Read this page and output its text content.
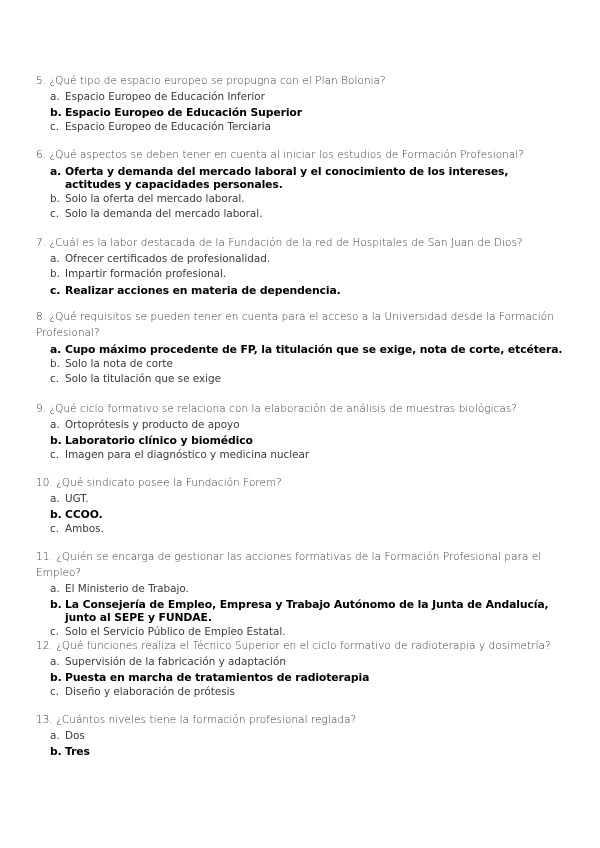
5. ¿Qué tipo de espacio europeo se propugna con el Plan Bolonia?
a. Espacio Europeo de Educación Inferior
b. Espacio Europeo de Educación Superior
c. Espacio Europeo de Educación Terciaria
6. ¿Qué aspectos se deben tener en cuenta al iniciar los estudios de Formación Profesional?
a. Oferta y demanda del mercado laboral y el conocimiento de los intereses, actitudes y capacidades personales.
b. Solo la oferta del mercado laboral.
c. Solo la demanda del mercado laboral.
7. ¿Cuál es la labor destacada de la Fundación de la red de Hospitales de San Juan de Dios?
a. Ofrecer certificados de profesionalidad.
b. Impartir formación profesional.
c. Realizar acciones en materia de dependencia.
8. ¿Qué requisitos se pueden tener en cuenta para el acceso a la Universidad desde la Formación Profesional?
a. Cupo máximo procedente de FP, la titulación que se exige, nota de corte, etcétera.
b. Solo la nota de corte
c. Solo la titulación que se exige
9. ¿Qué ciclo formativo se relaciona con la elaboración de análisis de muestras biológicas?
a. Ortoprótesis y producto de apoyo
b. Laboratorio clínico y biomédico
c. Imagen para el diagnóstico y medicina nuclear
10. ¿Qué sindicato posee la Fundación Forem?
a. UGT.
b. CCOO.
c. Ambos.
11. ¿Quién se encarga de gestionar las acciones formativas de la Formación Profesional para el Empleo?
a. El Ministerio de Trabajo.
b. La Consejería de Empleo, Empresa y Trabajo Autónomo de la Junta de Andalucía, junto al SEPE y FUNDAE.
c. Solo el Servicio Público de Empleo Estatal.
12. ¿Qué funciones realiza el Técnico Superior en el ciclo formativo de radioterapia y dosimetría?
a. Supervisión de la fabricación y adaptación
b. Puesta en marcha de tratamientos de radioterapia
c. Diseño y elaboración de prótesis
13. ¿Cuántos niveles tiene la formación profesional reglada?
a. Dos
b. Tres
